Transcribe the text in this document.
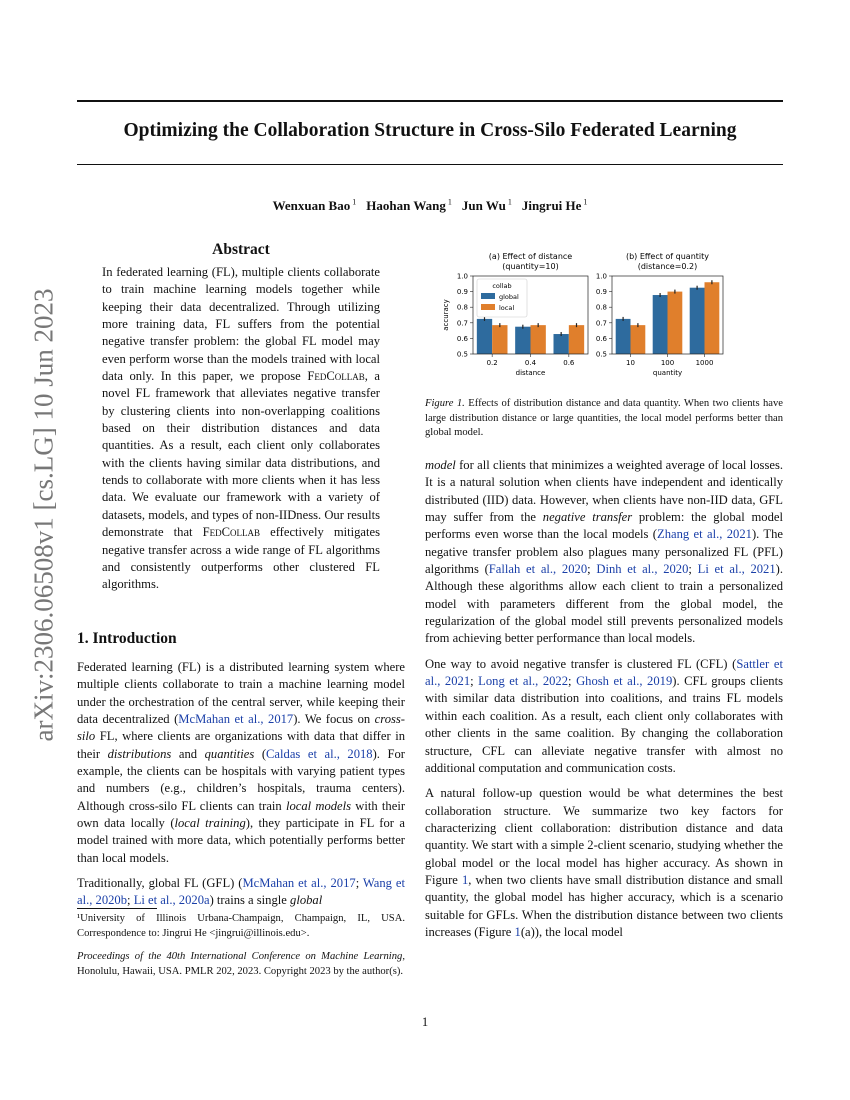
arXiv:2306.06508v1 [cs.LG] 10 Jun 2023
Optimizing the Collaboration Structure in Cross-Silo Federated Learning
Wenxuan Bao $^1$ Haohan Wang $^1$ Jun Wu $^1$ Jingrui He $^1$
Abstract

In federated learning (FL), multiple clients collaborate to train machine learning models together while keeping their data decentralized. Through utilizing more training data, FL suffers from the potential negative transfer problem: the global FL model may even perform worse than the models trained with local data only. In this paper, we propose FedCollab, a novel FL framework that alleviates negative transfer by clustering clients into non-overlapping coalitions based on their distribution distances and data quantities. As a result, each client only collaborates with the clients having similar data distributions, and tends to collaborate with more clients when it has less data. We evaluate our framework with a variety of datasets, models, and types of non-IIDness. Our results demonstrate that FedCollab effectively mitigates negative transfer across a wide range of FL algorithms and consistently outperforms other clustered FL algorithms.

1. Introduction

Federated learning (FL) is a distributed learning system where multiple clients collaborate to train a machine learning model under the orchestration of the central server, while keeping their data decentralized (McMahan et al., 2017). We focus on cross-silo FL, where clients are organizations with data that differ in their distributions and quantities (Caldas et al., 2018). For example, the clients can be hospitals with varying patient types and numbers (e.g., children’s hospitals, trauma centers). Although cross-silo FL clients can train local models with their own data locally (local training), they participate in FL for a model trained with more data, which potentially performs better than local models.

Traditionally, global FL (GFL) (McMahan et al., 2017; Wang et al., 2020b; Li et al., 2020a) trains a single global

¹University of Illinois Urbana-Champaign, Champaign, IL, USA. Correspondence to: Jingrui He <jingrui@illinois.edu>.

Proceedings of the 40th International Conference on Machine Learning, Honolulu, Hawaii, USA. PMLR 202, 2023. Copyright 2023 by the author(s).

(a) Effect of distance
(quantity=10)
0.5
0.6
0.7
0.8
0.9
1.0
0.2	0.4	0.6
distance
accuracy
collab
global
local
(b) Effect of quantity
(distance=0.2)
0.5
0.6
0.7
0.8
0.9
1.0
10	100	1000
quantity

Figure 1. Effects of distribution distance and data quantity. When two clients have large distribution distance or large quantities, the local model performs better than global model.

model for all clients that minimizes a weighted average of local losses. It is a natural solution when clients have independent and identically distributed (IID) data. However, when clients have non-IID data, GFL may suffer from the negative transfer problem: the global model performs even worse than the local models (Zhang et al., 2021). The negative transfer problem also plagues many personalized FL (PFL) algorithms (Fallah et al., 2020; Dinh et al., 2020; Li et al., 2021). Although these algorithms allow each client to train a personalized model with parameters different from the global model, the regularization of the global model still prevents personalized models from achieving better performance than local models.

One way to avoid negative transfer is clustered FL (CFL) (Sattler et al., 2021; Long et al., 2022; Ghosh et al., 2019). CFL groups clients with similar data distribution into coalitions, and trains FL models within each coalition. As a result, each client only collaborates with other clients in the same coalition. By changing the collaboration structure, CFL can alleviate negative transfer with almost no additional computation and communication costs.

A natural follow-up question would be what determines the best collaboration structure. We summarize two key factors for characterizing client collaboration: distribution distance and data quantity. We start with a simple 2-client scenario, studying whether the global model or the local model has higher accuracy. As shown in Figure 1, when two clients have small distribution distance and small quantity, the global model has higher accuracy, which is a scenario suitable for GFLs. When the distribution distance between two clients increases (Figure 1(a)), the local model

1
